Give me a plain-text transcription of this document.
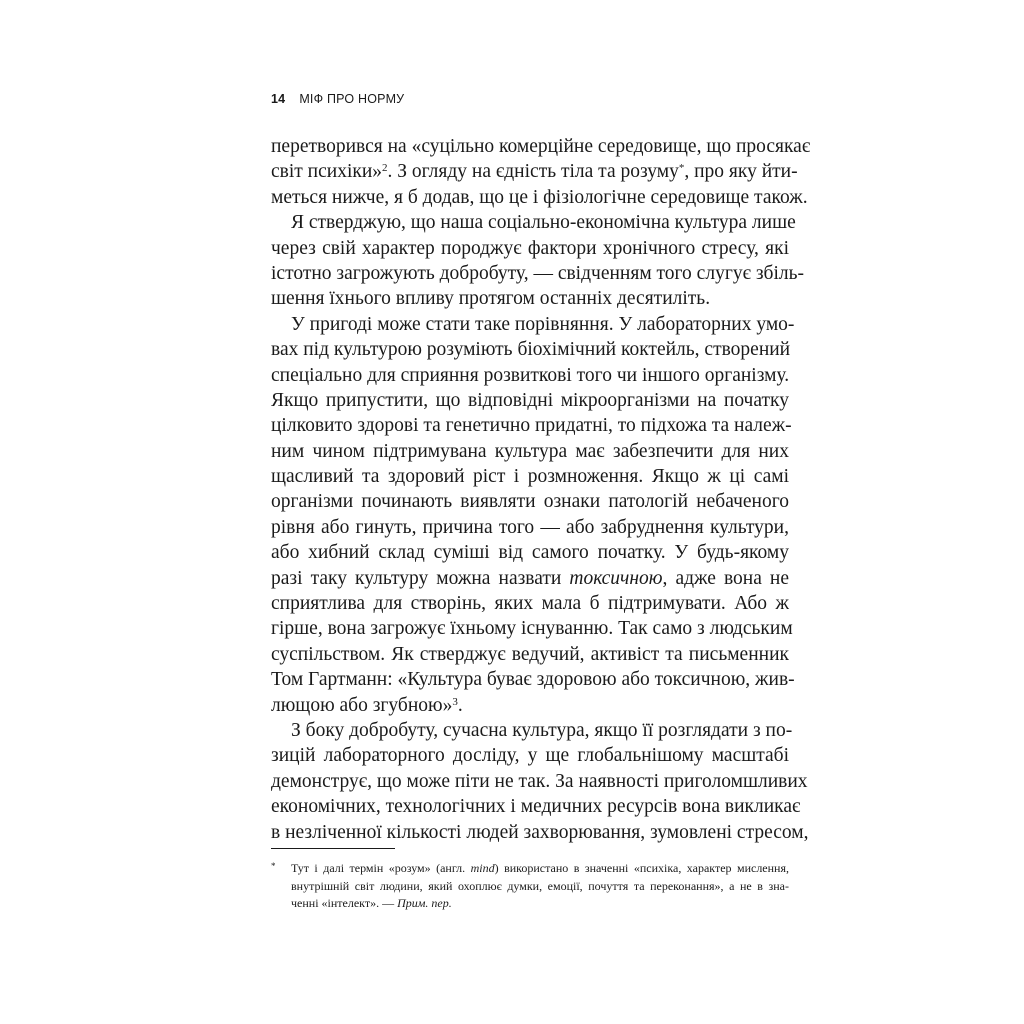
14 МІФ ПРО НОРМУ
перетворився на «суцільно комерційне середовище, що просякає
світ психіки»$^2$. З огляду на єдність тіла та розуму*, про яку йти-
меться нижче, я б додав, що це і фізіологічне середовище також.
Я стверджую, що наша соціально-економічна культура лише
через свій характер породжує фактори хронічного стресу, які
істотно загрожують добробуту, — свідченням того слугує збіль-
шення їхнього впливу протягом останніх десятиліть.
У пригоді може стати таке порівняння. У лабораторних умо-
вах під культурою розуміють біохімічний коктейль, створений
спеціально для сприяння розвиткові того чи іншого організму.
Якщо припустити, що відповідні мікроорганізми на початку
цілковито здорові та генетично придатні, то підхожа та належ-
ним чином підтримувана культура має забезпечити для них
щасливий та здоровий ріст і розмноження. Якщо ж ці самі
організми починають виявляти ознаки патологій небаченого
рівня або гинуть, причина того — або забруднення культури,
або хибний склад суміші від самого початку. У будь-якому
разі таку культуру можна назвати токсичною, адже вона не
сприятлива для створінь, яких мала б підтримувати. Або ж
гірше, вона загрожує їхньому існуванню. Так само з людським
суспільством. Як стверджує ведучий, активіст та письменник
Том Гартманн: «Культура буває здоровою або токсичною, жив-
лющою або згубною»$^3$.
З боку добробуту, сучасна культура, якщо її розглядати з по-
зицій лабораторного досліду, у ще глобальнішому масштабі
демонструє, що може піти не так. За наявності приголомшливих
економічних, технологічних і медичних ресурсів вона викликає
в незліченної кількості людей захворювання, зумовлені стресом,
* Тут і далі термін «розум» (англ. mind) використано в значенні «психіка, характер мислення,
внутрішній світ людини, який охоплює думки, емоції, почуття та переконання», а не в зна-
ченні «інтелект». — Прим. пер.
